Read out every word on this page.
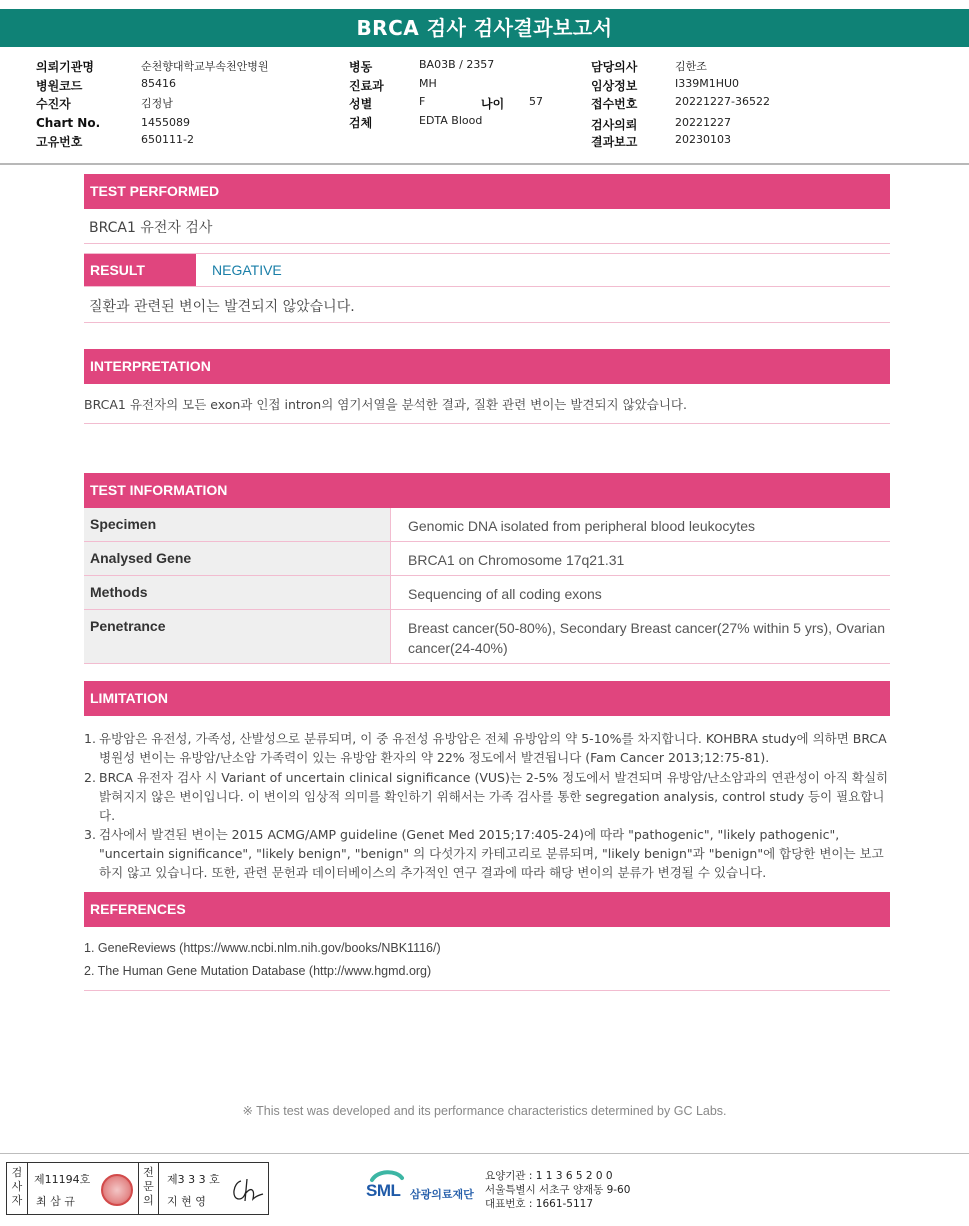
BRCA 검사 검사결과보고서
의뢰기관명	순천향대학교부속천안병원
병원코드	85416
수진자	김정남
Chart No.	1455089
고유번호	650111-2
병동	BA03B / 2357
진료과	MH
성별	F	나이 57
검체	EDTA Blood
담당의사	김한조
임상정보	I339M1HU0
접수번호	20221227-36522
검사의뢰	20221227
결과보고	20230103
TEST PERFORMED
BRCA1 유전자 검사
RESULT	NEGATIVE
질환과 관련된 변이는 발견되지 않았습니다.
INTERPRETATION
BRCA1 유전자의 모든 exon과 인접 intron의 염기서열을 분석한 결과, 질환 관련 변이는 발견되지 않았습니다.
TEST INFORMATION
Specimen	Genomic DNA isolated from peripheral blood leukocytes
Analysed Gene	BRCA1 on Chromosome 17q21.31
Methods	Sequencing of all coding exons
Penetrance	Breast cancer(50-80%), Secondary Breast cancer(27% within 5 yrs), Ovarian cancer(24-40%)
LIMITATION
1. 유방암은 유전성, 가족성, 산발성으로 분류되며, 이 중 유전성 유방암은 전체 유방암의 약 5-10%를 차지합니다. KOHBRA study에 의하면 BRCA 병원성 변이는 유방암/난소암 가족력이 있는 유방암 환자의 약 22% 정도에서 발견됩니다 (Fam Cancer 2013;12:75-81).
2. BRCA 유전자 검사 시 Variant of uncertain clinical significance (VUS)는 2-5% 정도에서 발견되며 유방암/난소암과의 연관성이 아직 확실히 밝혀지지 않은 변이입니다. 이 변이의 임상적 의미를 확인하기 위해서는 가족 검사를 통한 segregation analysis, control study 등이 필요합니다.
3. 검사에서 발견된 변이는 2015 ACMG/AMP guideline (Genet Med 2015;17:405-24)에 따라 "pathogenic", "likely pathogenic", "uncertain significance", "likely benign", "benign" 의 다섯가지 카테고리로 분류되며, "likely benign"과 "benign"에 합당한 변이는 보고하지 않고 있습니다. 또한, 관련 문헌과 데이터베이스의 추가적인 연구 결과에 따라 해당 변이의 분류가 변경될 수 있습니다.
REFERENCES
1. GeneReviews (https://www.ncbi.nlm.nih.gov/books/NBK1116/)
2. The Human Gene Mutation Database (http://www.hgmd.org)
※ This test was developed and its performance characteristics determined by GC Labs.
검
사
자
제11194호
최 삼 규
전
문
의
제3 3 3 호
지 현 영
SML 삼광의료재단
요양기관 : 1 1 3 6 5 2 0 0
서울특별시 서초구 양재동 9-60
대표번호 : 1661-5117
